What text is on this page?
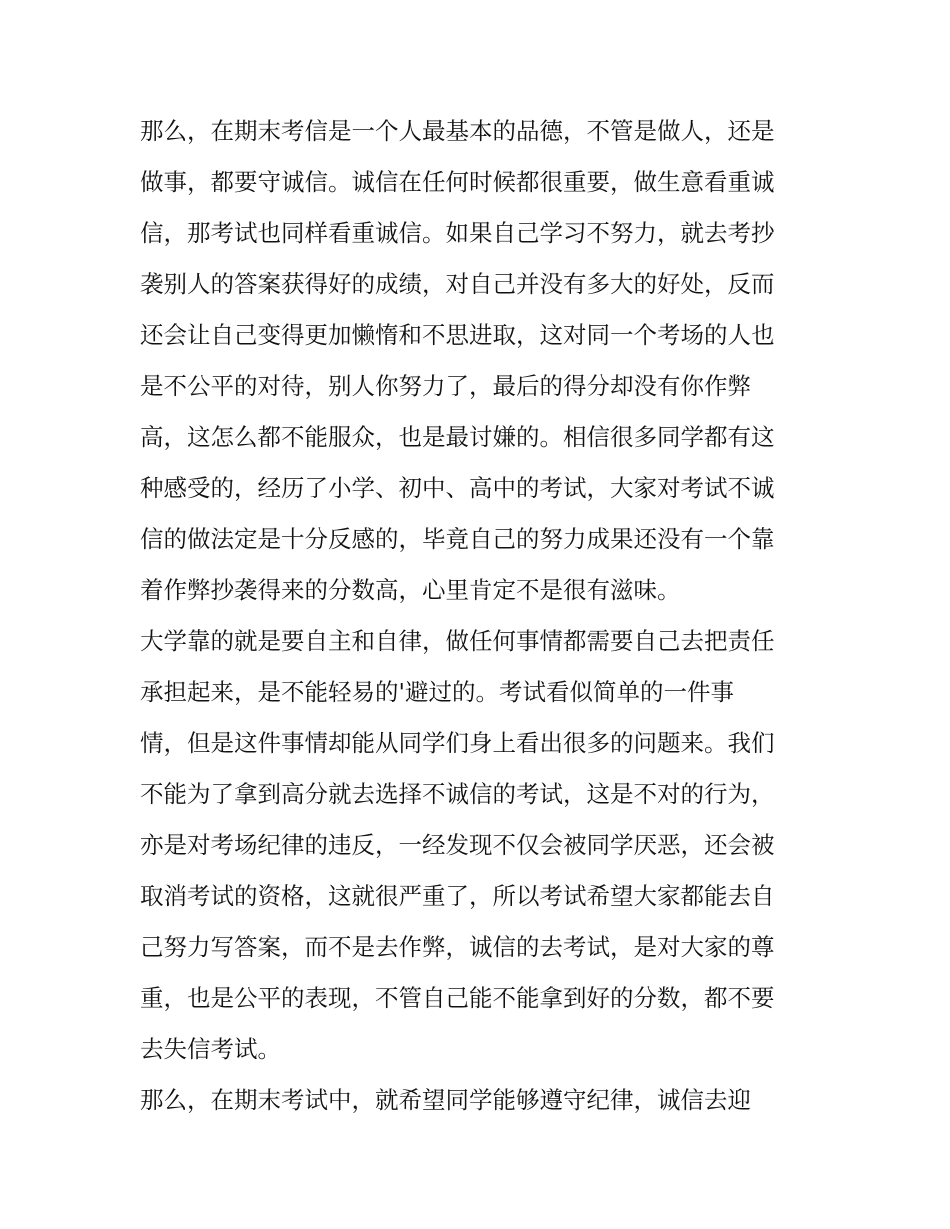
那么，在期末考信是一个人最基本的品德，不管是做人，还是
做事，都要守诚信。诚信在任何时候都很重要，做生意看重诚
信，那考试也同样看重诚信。如果自己学习不努力，就去考抄
袭别人的答案获得好的成绩，对自己并没有多大的好处，反而
还会让自己变得更加懒惰和不思进取，这对同一个考场的人也
是不公平的对待，别人你努力了，最后的得分却没有你作弊
高，这怎么都不能服众，也是最讨嫌的。相信很多同学都有这
种感受的，经历了小学、初中、高中的考试，大家对考试不诚
信的做法定是十分反感的，毕竟自己的努力成果还没有一个靠
着作弊抄袭得来的分数高，心里肯定不是很有滋味。
大学靠的就是要自主和自律，做任何事情都需要自己去把责任
承担起来，是不能轻易的'避过的。考试看似简单的一件事
情，但是这件事情却能从同学们身上看出很多的问题来。我们
不能为了拿到高分就去选择不诚信的考试，这是不对的行为，
亦是对考场纪律的违反，一经发现不仅会被同学厌恶，还会被
取消考试的资格，这就很严重了，所以考试希望大家都能去自
己努力写答案，而不是去作弊，诚信的去考试，是对大家的尊
重，也是公平的表现，不管自己能不能拿到好的分数，都不要
去失信考试。
那么，在期末考试中，就希望同学能够遵守纪律，诚信去迎
